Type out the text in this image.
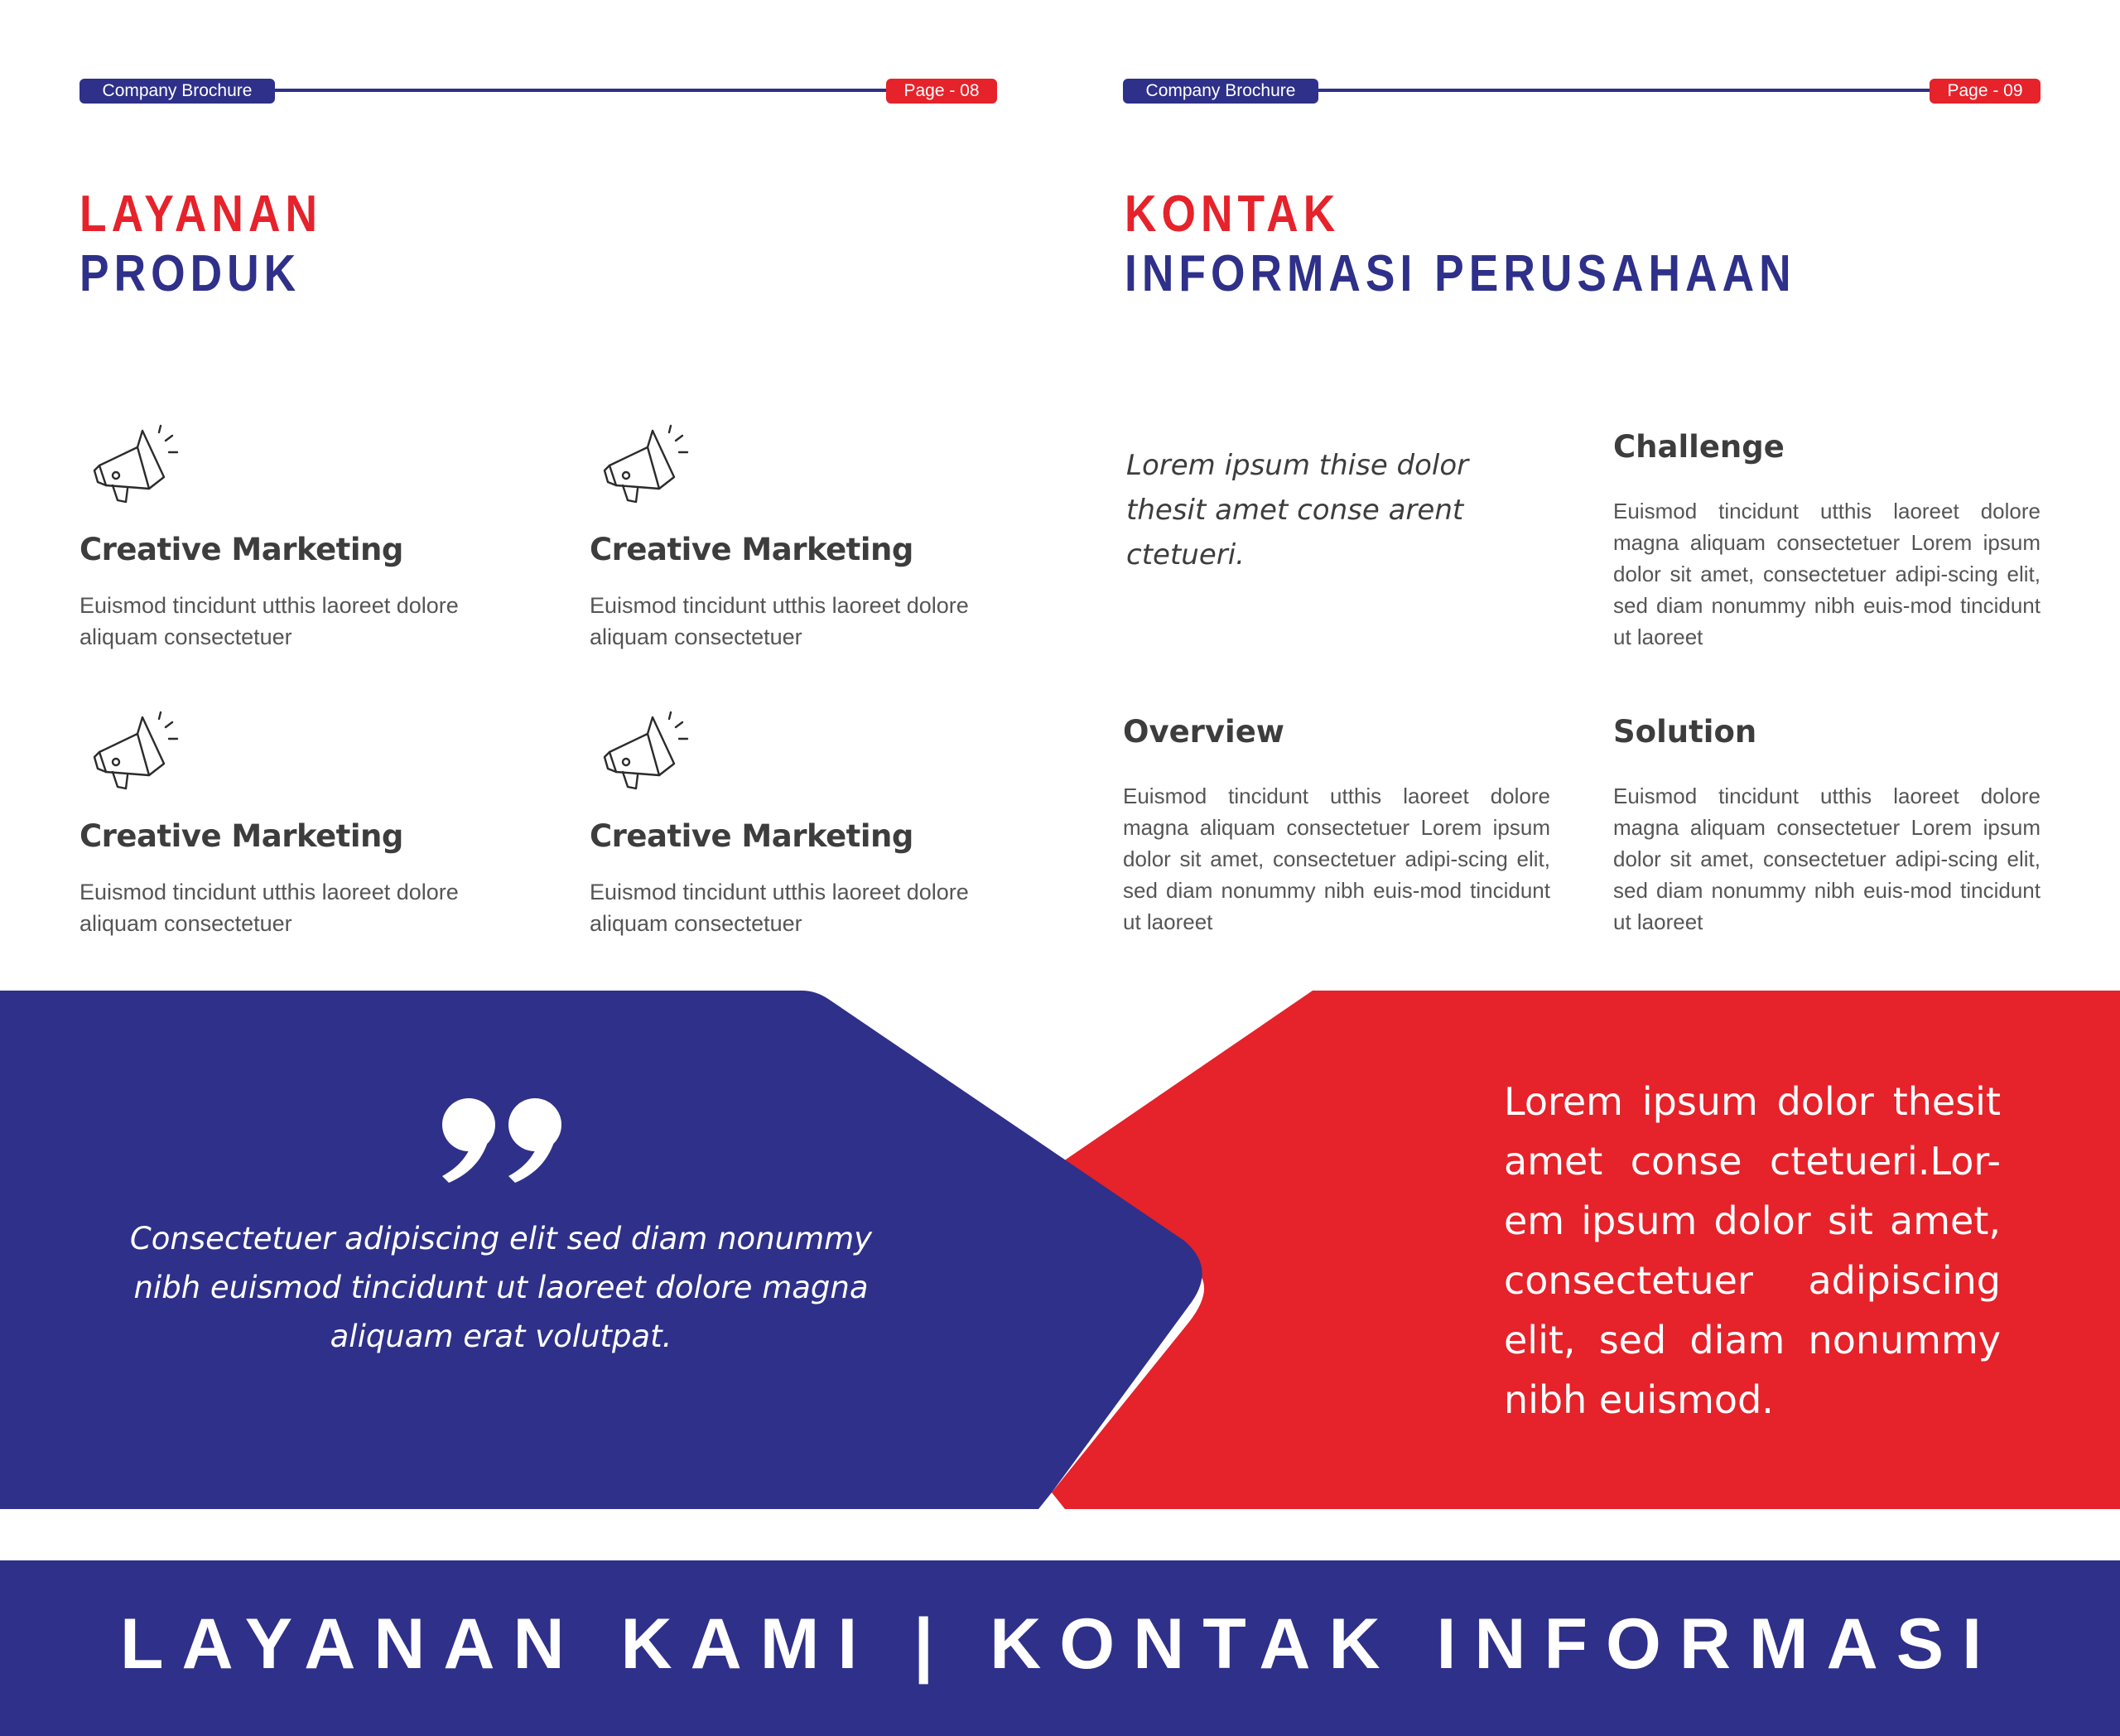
Company Brochure	Page - 08	Company Brochure	Page - 09
LAYANAN
PRODUK
KONTAK
INFORMASI PERUSAHAAN
Creative Marketing
Euismod tincidunt utthis laoreet dolore aliquam consectetuer
Creative Marketing
Euismod tincidunt utthis laoreet dolore aliquam consectetuer
Creative Marketing
Euismod tincidunt utthis laoreet dolore aliquam consectetuer
Creative Marketing
Euismod tincidunt utthis laoreet dolore aliquam consectetuer
Lorem ipsum thise dolor thesit amet conse arent ctetueri.
Challenge
Euismod tincidunt utthis laoreet dolore magna aliquam consectetuer Lorem ipsum dolor sit amet, consectetuer adipi-scing elit, sed diam nonummy nibh euis-mod tincidunt ut laoreet
Overview
Euismod tincidunt utthis laoreet dolore magna aliquam consectetuer Lorem ipsum dolor sit amet, consectetuer adipi-scing elit, sed diam nonummy nibh euis-mod tincidunt ut laoreet
Solution
Euismod tincidunt utthis laoreet dolore magna aliquam consectetuer Lorem ipsum dolor sit amet, consectetuer adipi-scing elit, sed diam nonummy nibh euis-mod tincidunt ut laoreet
Consectetuer adipiscing elit sed diam nonummy nibh euismod tincidunt ut laoreet dolore magna aliquam erat volutpat.
Lorem ipsum dolor thesit amet conse ctetueri.Lor-em ipsum dolor sit amet, consectetuer adipiscing elit, sed diam nonummy nibh euismod.
LAYANAN KAMI | KONTAK INFORMASI
